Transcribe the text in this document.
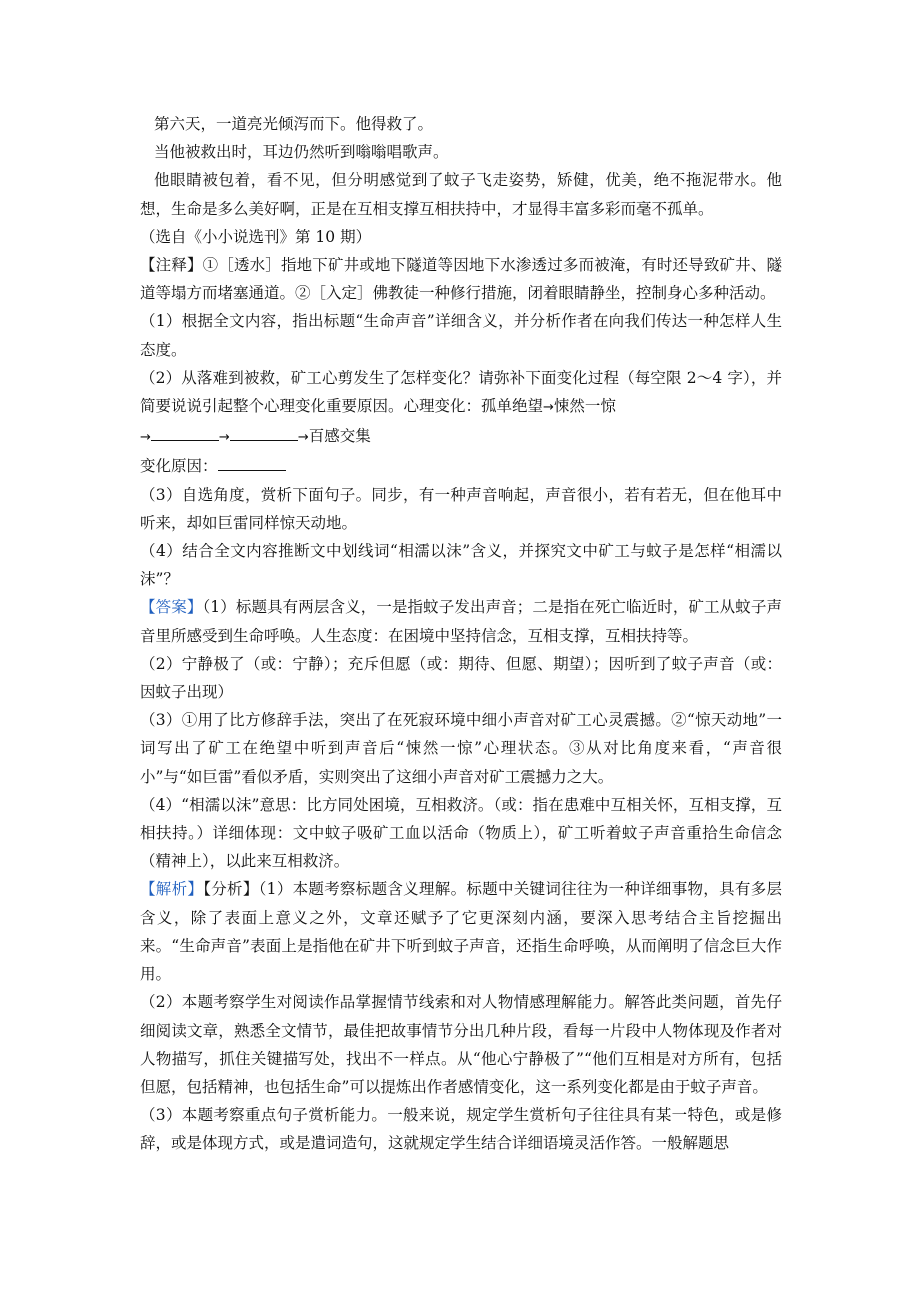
第六天，一道亮光倾泻而下。他得救了。

当他被救出时，耳边仍然听到嗡嗡唱歌声。

他眼睛被包着，看不见，但分明感觉到了蚊子飞走姿势，矫健，优美，绝不拖泥带水。他想，生命是多么美好啊，正是在互相支撑互相扶持中，才显得丰富多彩而毫不孤单。

（选自《小小说选刊》第 10 期）

【注释】①［透水］指地下矿井或地下隧道等因地下水渗透过多而被淹，有时还导致矿井、隧道等塌方而堵塞通道。②［入定］佛教徒一种修行措施，闭着眼睛静坐，控制身心多种活动。

（1）根据全文内容，指出标题“生命声音”详细含义，并分析作者在向我们传达一种怎样人生态度。

（2）从落难到被救，矿工心剪发生了怎样变化？请弥补下面变化过程（每空限 2～4 字），并简要说说引起整个心理变化重要原因。心理变化：孤单绝望→悚然一惊
→	→	→百感交集

变化原因：

（3）自选角度，赏析下面句子。同步，有一种声音响起，声音很小，若有若无，但在他耳中听来，却如巨雷同样惊天动地。

（4）结合全文内容推断文中划线词“相濡以沫”含义，并探究文中矿工与蚊子是怎样“相濡以沫”？

【答案】（1）标题具有两层含义，一是指蚊子发出声音；二是指在死亡临近时，矿工从蚊子声音里所感受到生命呼唤。人生态度：在困境中坚持信念，互相支撑，互相扶持等。

（2）宁静极了（或：宁静）；充斥但愿（或：期待、但愿、期望）；因听到了蚊子声音（或：因蚊子出现）

（3）①用了比方修辞手法，突出了在死寂环境中细小声音对矿工心灵震撼。②“惊天动地”一词写出了矿工在绝望中听到声音后“悚然一惊”心理状态。③从对比角度来看，“声音很小”与“如巨雷”看似矛盾，实则突出了这细小声音对矿工震撼力之大。

（4）“相濡以沫”意思：比方同处困境，互相救济。（或：指在患难中互相关怀，互相支撑，互相扶持。）详细体现：文中蚊子吸矿工血以活命（物质上），矿工听着蚊子声音重拾生命信念（精神上），以此来互相救济。

【解析】【分析】（1）本题考察标题含义理解。标题中关键词往往为一种详细事物，具有多层含义，除了表面上意义之外，文章还赋予了它更深刻内涵，要深入思考结合主旨挖掘出来。“生命声音”表面上是指他在矿井下听到蚊子声音，还指生命呼唤，从而阐明了信念巨大作用。

（2）本题考察学生对阅读作品掌握情节线索和对人物情感理解能力。解答此类问题，首先仔细阅读文章，熟悉全文情节，最佳把故事情节分出几种片段，看每一片段中人物体现及作者对人物描写，抓住关键描写处，找出不一样点。从“他心宁静极了”“他们互相是对方所有，包括但愿，包括精神，也包括生命”可以提炼出作者感情变化，这一系列变化都是由于蚊子声音。

（3）本题考察重点句子赏析能力。一般来说，规定学生赏析句子往往具有某一特色，或是修辞，或是体现方式，或是遣词造句，这就规定学生结合详细语境灵活作答。一般解题思
